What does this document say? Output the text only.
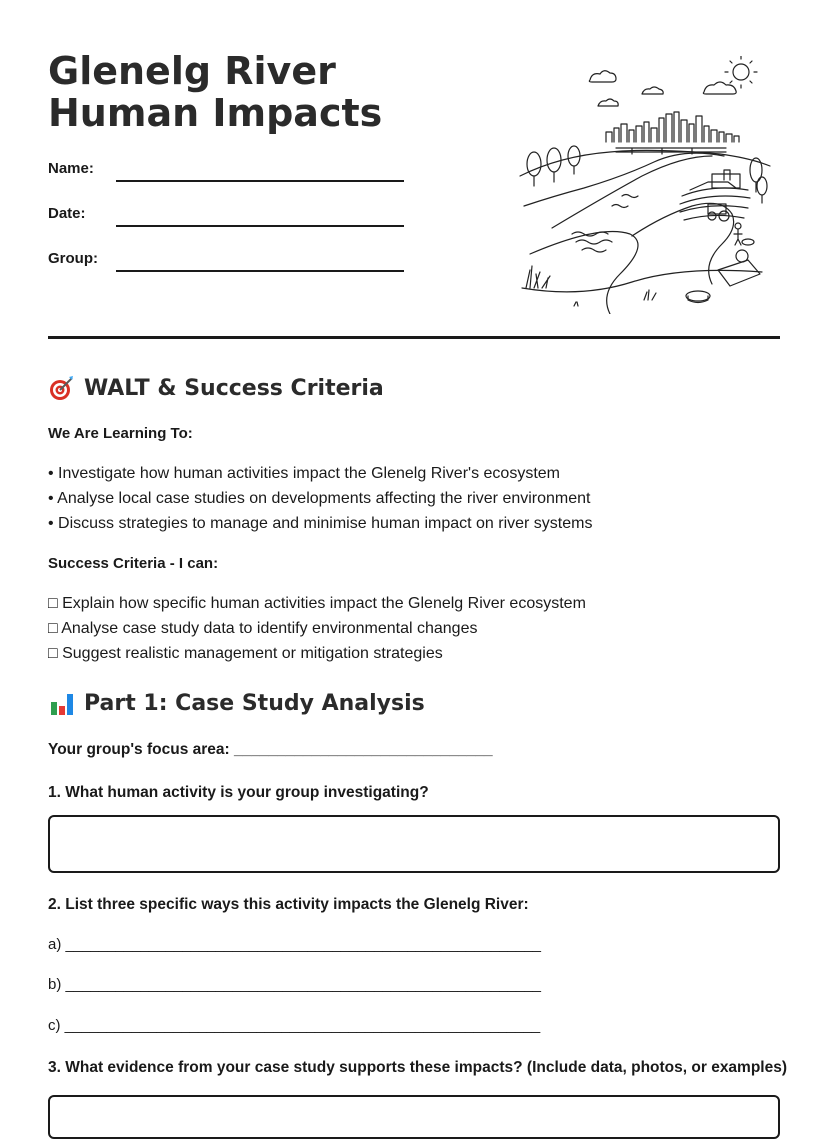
Glenelg River Human Impacts
Name:
Date:
Group:
WALT & Success Criteria
We Are Learning To:
• Investigate how human activities impact the Glenelg River's ecosystem
• Analyse local case studies on developments affecting the river environment
• Discuss strategies to manage and minimise human impact on river systems
Success Criteria - I can:
□ Explain how specific human activities impact the Glenelg River ecosystem
□ Analyse case study data to identify environmental changes
□ Suggest realistic management or mitigation strategies
Part 1: Case Study Analysis
Your group's focus area: ______________________________
1. What human activity is your group investigating?
2. List three specific ways this activity impacts the Glenelg River:
a) _________________________________________________________
b) _________________________________________________________
c) _________________________________________________________
3. What evidence from your case study supports these impacts? (Include data, photos, or examples)
